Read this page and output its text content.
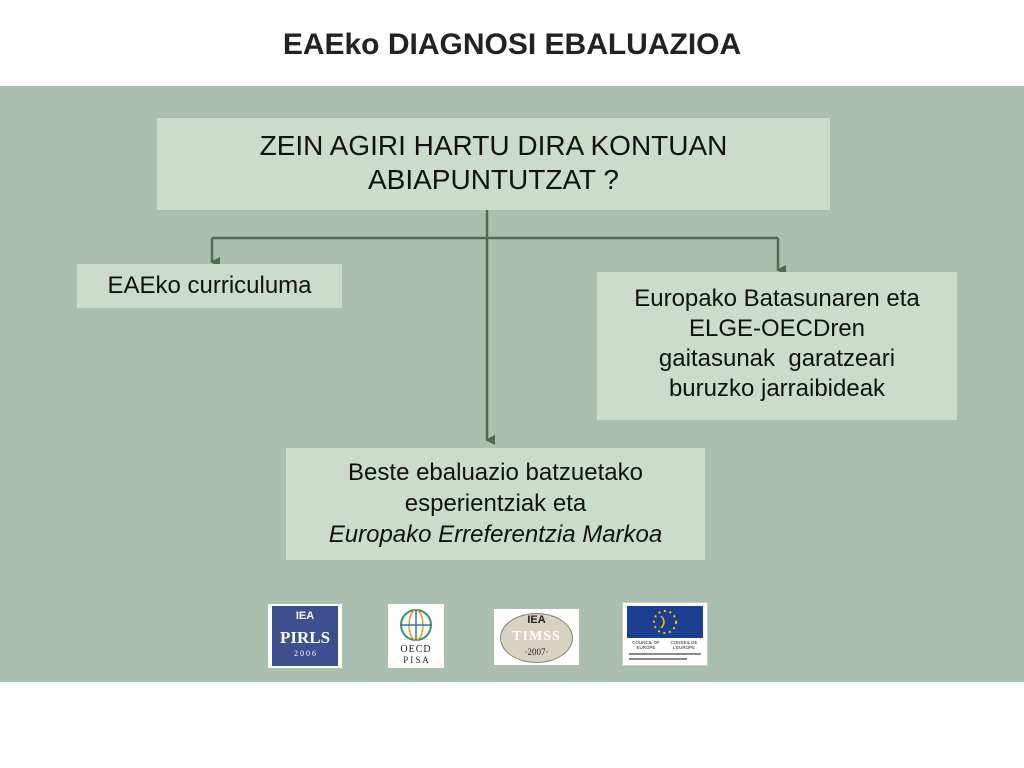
EAEko DIAGNOSI EBALUAZIOA
ZEIN AGIRI HARTU DIRA KONTUAN
ABIAPUNTUTZAT ?
EAEko curriculuma	Europako Batasunaren eta
ELGE-OECDren
gaitasunak  garatzeari
buruzko jarraibideak
Beste ebaluazio batzuetako
esperientziak eta
Europako Erreferentzia Markoa
IEA
PIRLS
2 0 0 6	OECD
P I S A
IEA
TIMSS
·2007·
COUNCIL OF EUROPE
CONSEIL DE L'EUROPE
